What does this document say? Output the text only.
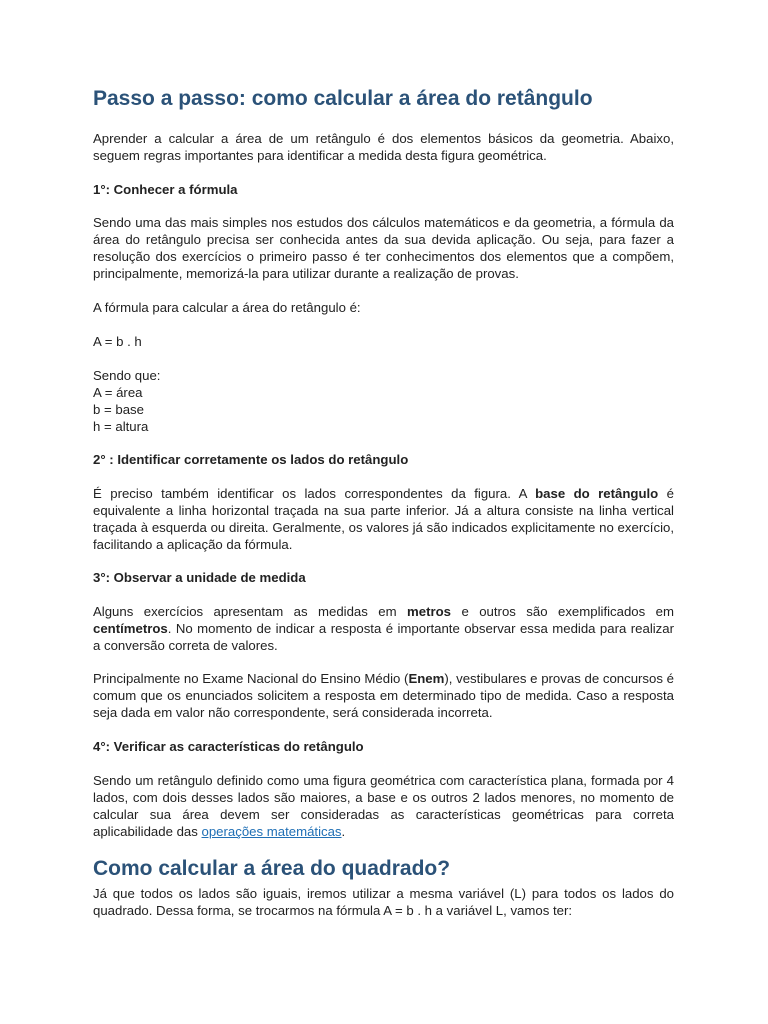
Passo a passo: como calcular a área do retângulo

Aprender a calcular a área de um retângulo é dos elementos básicos da geometria. Abaixo, seguem regras importantes para identificar a medida desta figura geométrica.

1°: Conhecer a fórmula

Sendo uma das mais simples nos estudos dos cálculos matemáticos e da geometria, a fórmula da área do retângulo precisa ser conhecida antes da sua devida aplicação. Ou seja, para fazer a resolução dos exercícios o primeiro passo é ter conhecimentos dos elementos que a compõem, principalmente, memorizá-la para utilizar durante a realização de provas.

A fórmula para calcular a área do retângulo é:

A = b . h

Sendo que:
A = área
b = base
h = altura

2° : Identificar corretamente os lados do retângulo

É preciso também identificar os lados correspondentes da figura. A base do retângulo é equivalente a linha horizontal traçada na sua parte inferior. Já a altura consiste na linha vertical traçada à esquerda ou direita. Geralmente, os valores já são indicados explicitamente no exercício, facilitando a aplicação da fórmula.

3°: Observar a unidade de medida

Alguns exercícios apresentam as medidas em metros e outros são exemplificados em centímetros. No momento de indicar a resposta é importante observar essa medida para realizar a conversão correta de valores.

Principalmente no Exame Nacional do Ensino Médio (Enem), vestibulares e provas de concursos é comum que os enunciados solicitem a resposta em determinado tipo de medida. Caso a resposta seja dada em valor não correspondente, será considerada incorreta.

4°: Verificar as características do retângulo

Sendo um retângulo definido como uma figura geométrica com característica plana, formada por 4 lados, com dois desses lados são maiores, a base e os outros 2 lados menores, no momento de calcular sua área devem ser consideradas as características geométricas para correta aplicabilidade das operações matemáticas.

Como calcular a área do quadrado?

Já que todos os lados são iguais, iremos utilizar a mesma variável (L) para todos os lados do quadrado. Dessa forma, se trocarmos na fórmula A = b . h a variável L, vamos ter:
